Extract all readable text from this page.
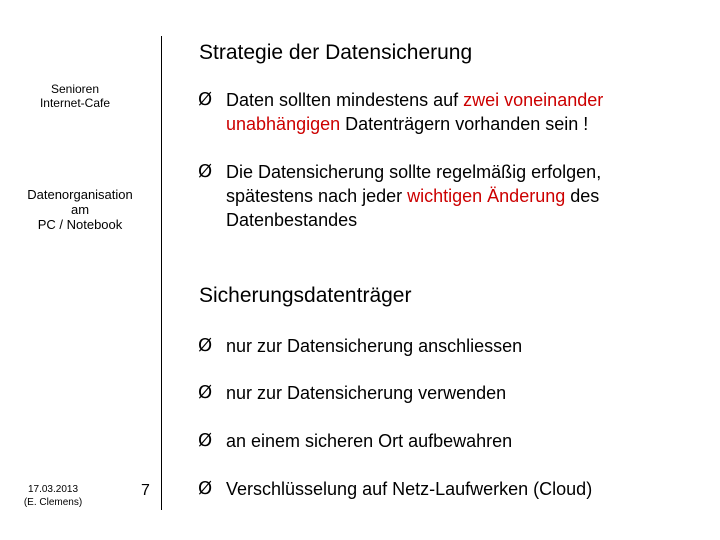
Senioren
Internet-Cafe
Datenorganisation
am
PC / Notebook
17.03.2013
(E. Clemens)
7
Strategie der Datensicherung
Ø Daten sollten mindestens auf zwei voneinander
unabhängigen Datenträgern vorhanden sein !
Ø Die Datensicherung sollte regelmäßig erfolgen,
spätestens nach jeder wichtigen Änderung des
Datenbestandes
Sicherungsdatenträger
Ø nur zur Datensicherung anschliessen
Ø nur zur Datensicherung verwenden
Ø an einem sicheren Ort aufbewahren
Ø Verschlüsselung auf Netz-Laufwerken (Cloud)
